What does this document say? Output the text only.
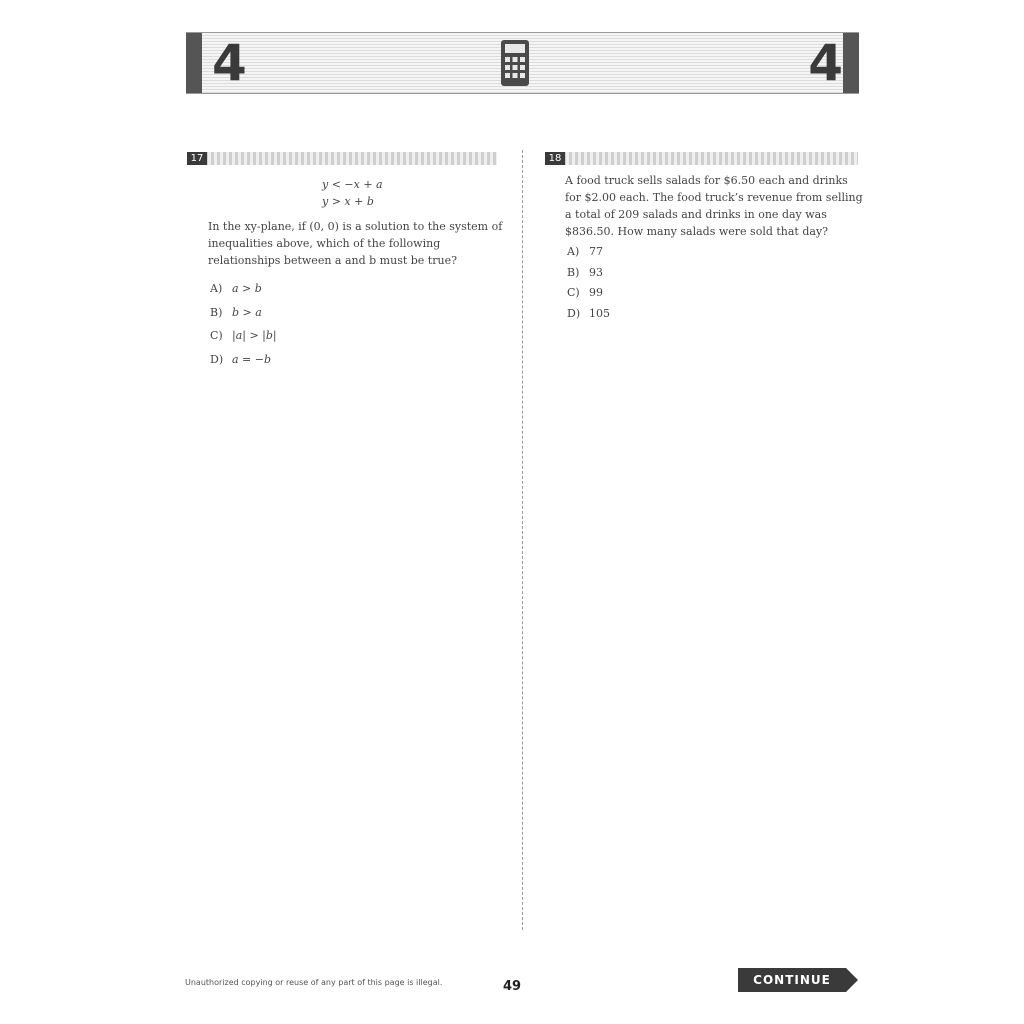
4	4
17
y < −x + a
y > x + b
In the xy-plane, if (0, 0) is a solution to the system of inequalities above, which of the following relationships between a and b must be true?
A) a > b
B) b > a
C) |a| > |b|
D) a = −b
18
A food truck sells salads for $6.50 each and drinks for $2.00 each. The food truck’s revenue from selling a total of 209 salads and drinks in one day was $836.50. How many salads were sold that day?
A) 77
B) 93
C) 99
D) 105
Unauthorized copying or reuse of any part of this page is illegal.	49	CONTINUE
